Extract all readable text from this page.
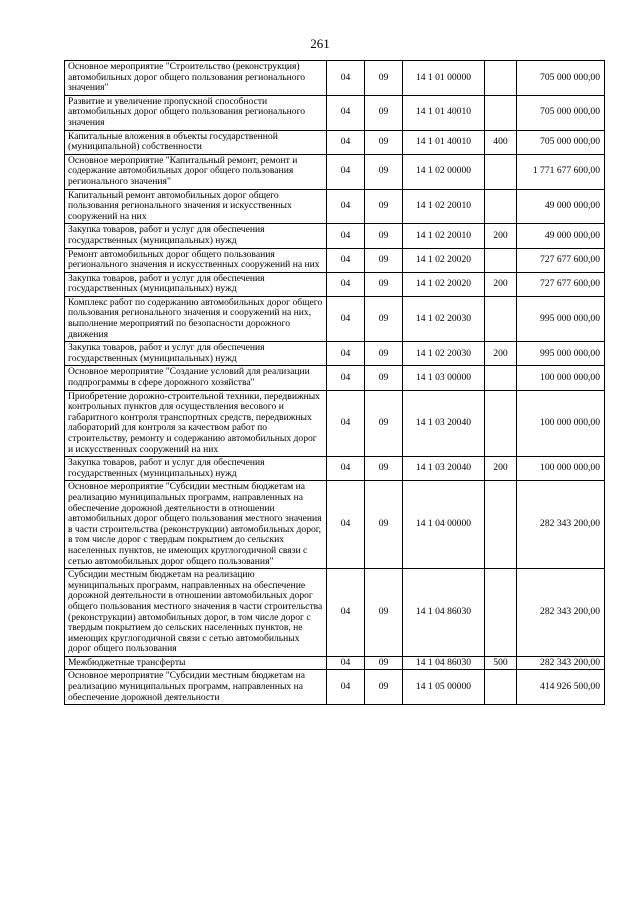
261
Основное мероприятие "Строительство (реконструкция) автомобильных дорог общего пользования регионального значения"	04	09	14 1 01 00000		705 000 000,00
Развитие и увеличение пропускной способности автомобильных дорог общего пользования регионального значения	04	09	14 1 01 40010		705 000 000,00
Капитальные вложения в объекты государственной (муниципальной) собственности	04	09	14 1 01 40010	400	705 000 000,00
Основное мероприятие "Капитальный ремонт, ремонт и содержание автомобильных дорог общего пользования регионального значения"	04	09	14 1 02 00000		1 771 677 600,00
Капитальный ремонт автомобильных дорог общего пользования регионального значения и искусственных сооружений на них	04	09	14 1 02 20010		49 000 000,00
Закупка товаров, работ и услуг для обеспечения государственных (муниципальных) нужд	04	09	14 1 02 20010	200	49 000 000,00
Ремонт автомобильных дорог общего пользования регионального значения и искусственных сооружений на них	04	09	14 1 02 20020		727 677 600,00
Закупка товаров, работ и услуг для обеспечения государственных (муниципальных) нужд	04	09	14 1 02 20020	200	727 677 600,00
Комплекс работ по содержанию автомобильных дорог общего пользования регионального значения и сооружений на них, выполнение мероприятий по безопасности дорожного движения	04	09	14 1 02 20030		995 000 000,00
Закупка товаров, работ и услуг для обеспечения государственных (муниципальных) нужд	04	09	14 1 02 20030	200	995 000 000,00
Основное мероприятие "Создание условий для реализации подпрограммы в сфере дорожного хозяйства"	04	09	14 1 03 00000		100 000 000,00
Приобретение дорожно-строительной техники, передвижных контрольных пунктов для осуществления весового и габаритного контроля транспортных средств, передвижных лабораторий для контроля за качеством работ по строительству, ремонту и содержанию автомобильных дорог и искусственных сооружений на них	04	09	14 1 03 20040		100 000 000,00
Закупка товаров, работ и услуг для обеспечения государственных (муниципальных) нужд	04	09	14 1 03 20040	200	100 000 000,00
Основное мероприятие "Субсидии местным бюджетам на реализацию муниципальных программ, направленных на обеспечение дорожной деятельности в отношении автомобильных дорог общего пользования местного значения в части строительства (реконструкции) автомобильных дорог, в том числе дорог с твердым покрытием до сельских населенных пунктов, не имеющих круглогодичной связи с сетью автомобильных дорог общего пользования"	04	09	14 1 04 00000		282 343 200,00
Субсидии местным бюджетам на реализацию муниципальных программ, направленных на обеспечение дорожной деятельности в отношении автомобильных дорог общего пользования местного значения в части строительства (реконструкции) автомобильных дорог, в том числе дорог с твердым покрытием до сельских населенных пунктов, не имеющих круглогодичной связи с сетью автомобильных дорог общего пользования	04	09	14 1 04 86030		282 343 200,00
Межбюджетные трансферты	04	09	14 1 04 86030	500	282 343 200,00
Основное мероприятие "Субсидии местным бюджетам на реализацию муниципальных программ, направленных на обеспечение дорожной деятельности	04	09	14 1 05 00000		414 926 500,00
